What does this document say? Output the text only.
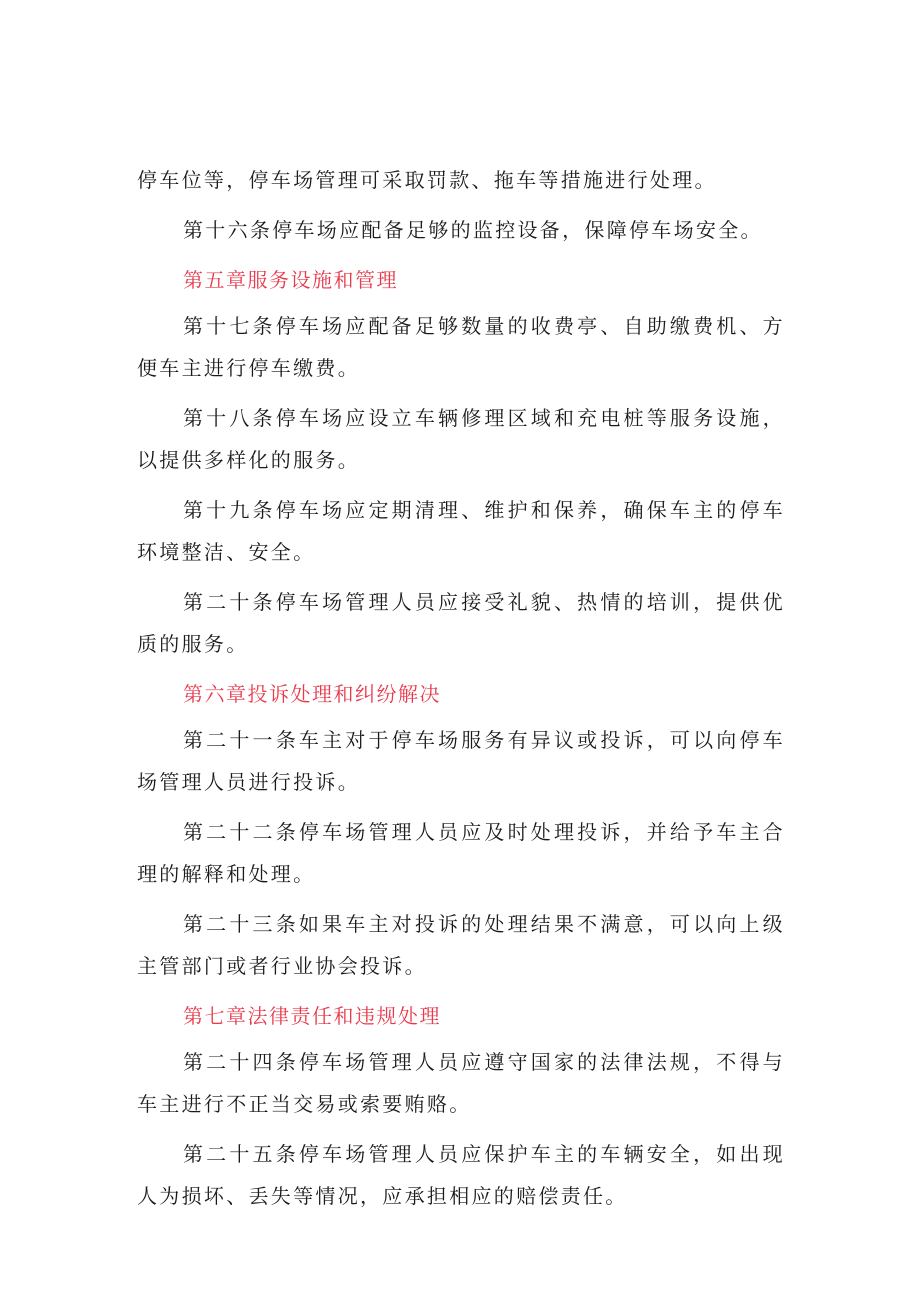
停车位等，停车场管理可采取罚款、拖车等措施进行处理。

第十六条停车场应配备足够的监控设备，保障停车场安全。

第五章服务设施和管理

第十七条停车场应配备足够数量的收费亭、自助缴费机、方便车主进行停车缴费。

第十八条停车场应设立车辆修理区域和充电桩等服务设施，以提供多样化的服务。

第十九条停车场应定期清理、维护和保养，确保车主的停车环境整洁、安全。

第二十条停车场管理人员应接受礼貌、热情的培训，提供优质的服务。

第六章投诉处理和纠纷解决

第二十一条车主对于停车场服务有异议或投诉，可以向停车场管理人员进行投诉。

第二十二条停车场管理人员应及时处理投诉，并给予车主合理的解释和处理。

第二十三条如果车主对投诉的处理结果不满意，可以向上级主管部门或者行业协会投诉。

第七章法律责任和违规处理

第二十四条停车场管理人员应遵守国家的法律法规，不得与车主进行不正当交易或索要贿赂。

第二十五条停车场管理人员应保护车主的车辆安全，如出现人为损坏、丢失等情况，应承担相应的赔偿责任。
